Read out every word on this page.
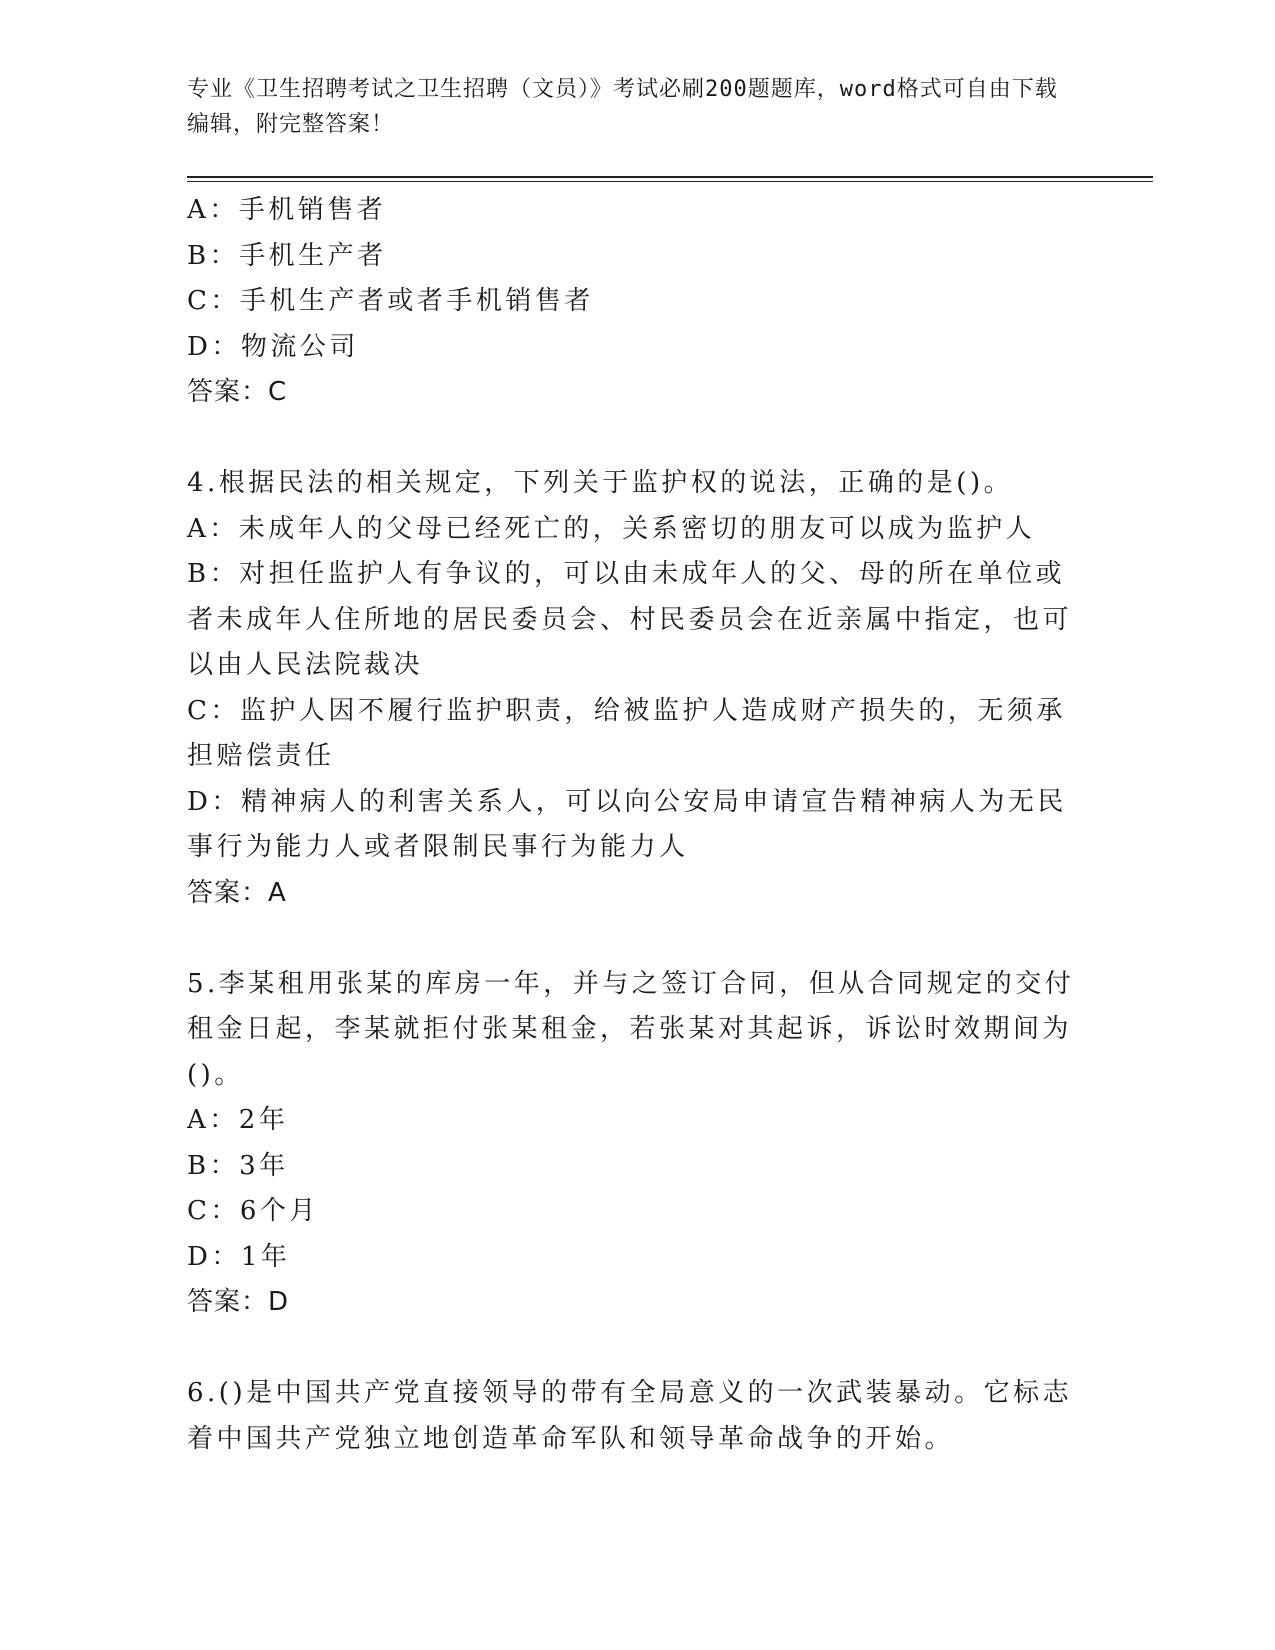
专业《卫生招聘考试之卫生招聘（文员）》考试必刷200题题库，word格式可自由下载编辑，附完整答案！

A：手机销售者

B：手机生产者

C：手机生产者或者手机销售者

D：物流公司

答案：C

4.根据民法的相关规定，下列关于监护权的说法，正确的是()。

A：未成年人的父母已经死亡的，关系密切的朋友可以成为监护人

B：对担任监护人有争议的，可以由未成年人的父、母的所在单位或者未成年人住所地的居民委员会、村民委员会在近亲属中指定，也可以由人民法院裁决

C：监护人因不履行监护职责，给被监护人造成财产损失的，无须承担赔偿责任

D：精神病人的利害关系人，可以向公安局申请宣告精神病人为无民事行为能力人或者限制民事行为能力人

答案：A

5.李某租用张某的库房一年，并与之签订合同，但从合同规定的交付租金日起，李某就拒付张某租金，若张某对其起诉，诉讼时效期间为()。

A：2年

B：3年

C：6个月

D：1年

答案：D

6.()是中国共产党直接领导的带有全局意义的一次武装暴动。它标志着中国共产党独立地创造革命军队和领导革命战争的开始。
